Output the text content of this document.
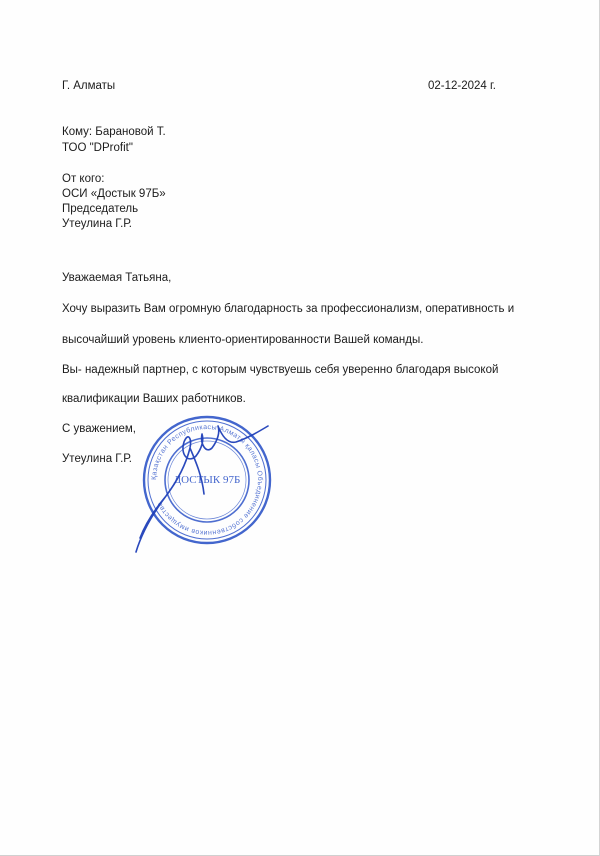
Г. Алматы	02-12-2024 г.
Кому: Барановой Т.
ТОО "DProfit"
От кого:
ОСИ «Достык 97Б»
Председатель
Утеулина Г.Р.
Уважаемая Татьяна,
Хочу выразить Вам огромную благодарность за профессионализм, оперативность и
высочайший уровень клиенто-ориентированности Вашей команды.
Вы- надежный партнер, с которым чувствуешь себя уверенно благодаря высокой
квалификации Ваших работников.
С уважением,
Утеулина Г.Р.
Қазақстан Республикасы Алматы қаласы Объединение собственников имущества
ДОСТЫК 97Б
